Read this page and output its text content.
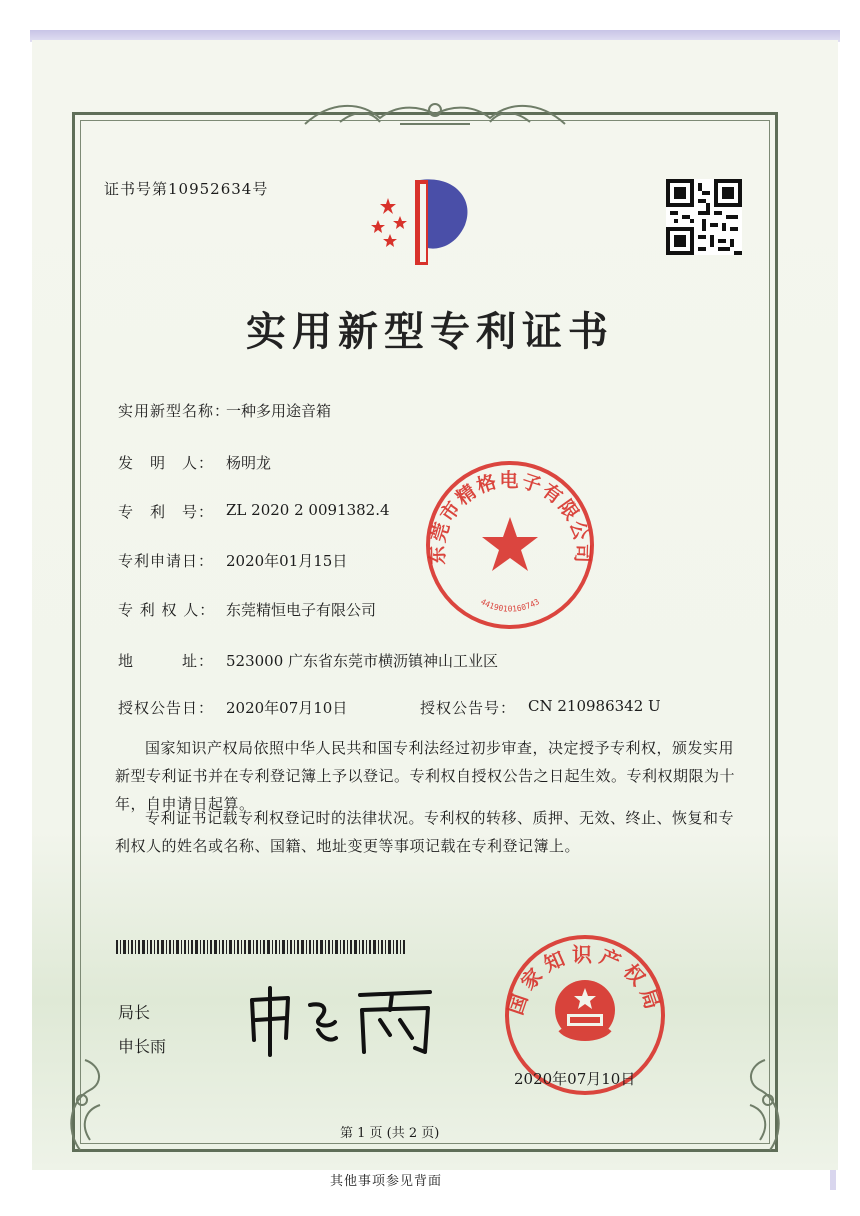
证书号第10952634号
实用新型专利证书
实用新型名称：
一种多用途音箱
发　明　人： 杨明龙
专　利　号： ZL 2020 2 0091382.4
专利申请日： 2020年01月15日
专 利 权 人： 东莞精恒电子有限公司
地　　　址： 523000 广东省东莞市横沥镇神山工业区
授权公告日： 2020年07月10日	授权公告号： CN 210986342 U
东莞市精格电子有限公司
4419010160743
国家知识产权局依照中华人民共和国专利法经过初步审查，决定授予专利权，颁发实用新型专利证书并在专利登记簿上予以登记。专利权自授权公告之日起生效。专利权期限为十年，自申请日起算。
专利证书记载专利权登记时的法律状况。专利权的转移、质押、无效、终止、恢复和专利权人的姓名或名称、国籍、地址变更等事项记载在专利登记簿上。
局长
申长雨
国家知识产权局
2020年07月10日
第 1 页 (共 2 页)
其他事项参见背面
